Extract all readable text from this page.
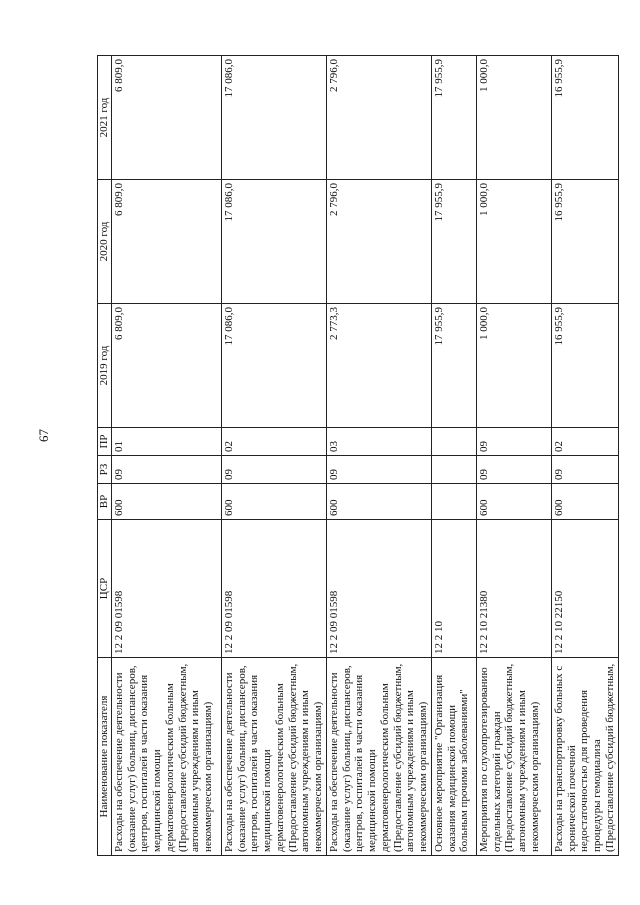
67
Наименование показателя	ЦСР	ВР	РЗ	ПР	2019 год	2020 год	2021 год
Расходы на обеспечение деятельности (оказание услуг) больниц, диспансеров, центров, госпиталей в части оказания медицинской помощи дерматовенерологическим больным (Предоставление субсидий бюджетным, автономным учреждениям и иным некоммерческим организациям)	12 2 09 01598	600	09	01	6 809,0	6 809,0	6 809,0
Расходы на обеспечение деятельности (оказание услуг) больниц, диспансеров, центров, госпиталей в части оказания медицинской помощи дерматовенерологическим больным (Предоставление субсидий бюджетным, автономным учреждениям и иным некоммерческим организациям)	12 2 09 01598	600	09	02	17 086,0	17 086,0	17 086,0
Расходы на обеспечение деятельности (оказание услуг) больниц, диспансеров, центров, госпиталей в части оказания медицинской помощи дерматовенерологическим больным (Предоставление субсидий бюджетным, автономным учреждениям и иным некоммерческим организациям)	12 2 09 01598	600	09	03	2 773,3	2 796,0	2 796,0
Основное мероприятие "Организация оказания медицинской помощи больным прочими заболеваниями"	12 2 10				17 955,9	17 955,9	17 955,9
Мероприятия по слухопротезированию отдельных категорий граждан (Предоставление субсидий бюджетным, автономным учреждениям и иным некоммерческим организациям)	12 2 10 21380	600	09	09	1 000,0	1 000,0	1 000,0
Расходы на транспортировку больных с хронической почечной недостаточностью для проведения процедуры гемодиализа (Предоставление субсидий бюджетным,	12 2 10 22150	600	09	02	16 955,9	16 955,9	16 955,9
